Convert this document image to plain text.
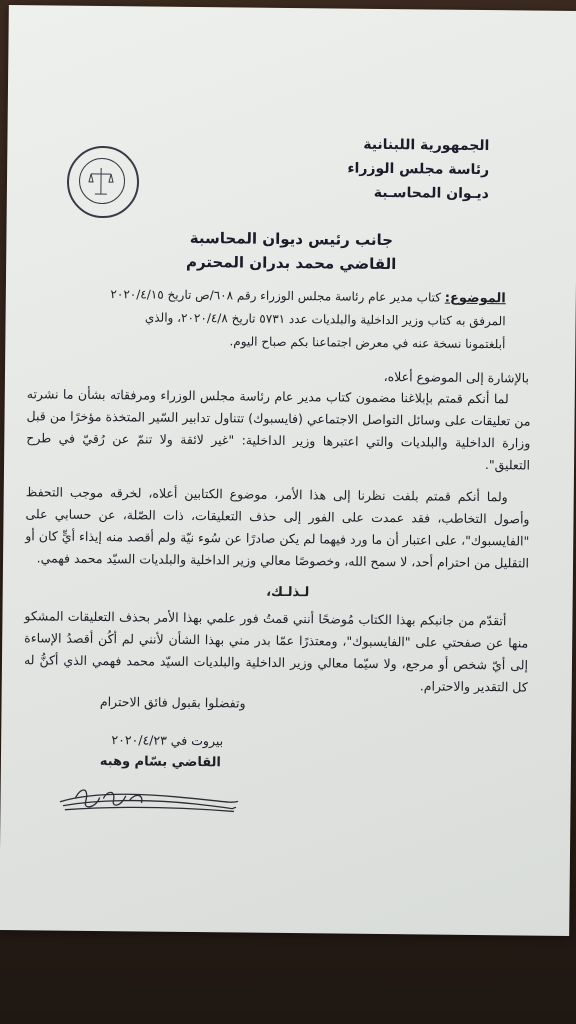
الجمهورية اللبنانية
رئاسة مجلس الوزراء
ديـوان المحاسـبة
جانب رئيس ديوان المحاسبة
القاضي محمد بدران المحترم
الموضوع: كتاب مدير عام رئاسة مجلس الوزراء رقم ٦٠٨/ص تاريخ ٢٠٢٠/٤/١٥
المرفق به كتاب وزير الداخلية والبلديات عدد ٥٧٣١ تاريخ ٢٠٢٠/٤/٨، والذي
أبلغتمونا نسخة عنه في معرض اجتماعنا بكم صباح اليوم.
بالإشارة إلى الموضوع أعلاه،
لما أنكم قمتم بإبلاغنا مضمون كتاب مدير عام رئاسة مجلس الوزراء ومرفقاته بشأن ما نشرته من تعليقات على وسائل التواصل الاجتماعي (فايسبوك) تتناول تدابير السّير المتخذة مؤخرًا من قبل وزارة الداخلية والبلديات والتي اعتبرها وزير الداخلية: "غير لائقة ولا تنمّ عن رُقيّ في طرح التعليق".
ولما أنكم قمتم بلفت نظرنا إلى هذا الأمر، موضوع الكتابين أعلاه، لخرقه موجب التحفظ وأصول التخاطب، فقد عمدت على الفور إلى حذف التعليقات، ذات الصّلة، عن حسابي على "الفايسبوك"، على اعتبار أن ما ورد فيهما لم يكن صادرًا عن سُوء نيّة ولم أقصد منه إيذاء أيٍّ كان أو التقليل من احترام أحد، لا سمح الله، وخصوصًا معالي وزير الداخلية والبلديات السيّد محمد فهمي.
لـذلـك،
أتقدّم من جانبكم بهذا الكتاب مُوضحًا أنني قمتُ فور علمي بهذا الأمر بحذف التعليقات المشكو منها عن صفحتي على "الفايسبوك"، ومعتذرًا عمّا بدر مني بهذا الشأن لأنني لم أكُن أقصدُ الإساءة إلى أيّ شخص أو مرجع، ولا سيّما معالي وزير الداخلية والبلديات السيّد محمد فهمي الذي أكنُّ له كل التقدير والاحترام.
وتفضلوا بقبول فائق الاحترام
بيروت في ٢٠٢٠/٤/٢٣
القاضي بسّام وهبه
